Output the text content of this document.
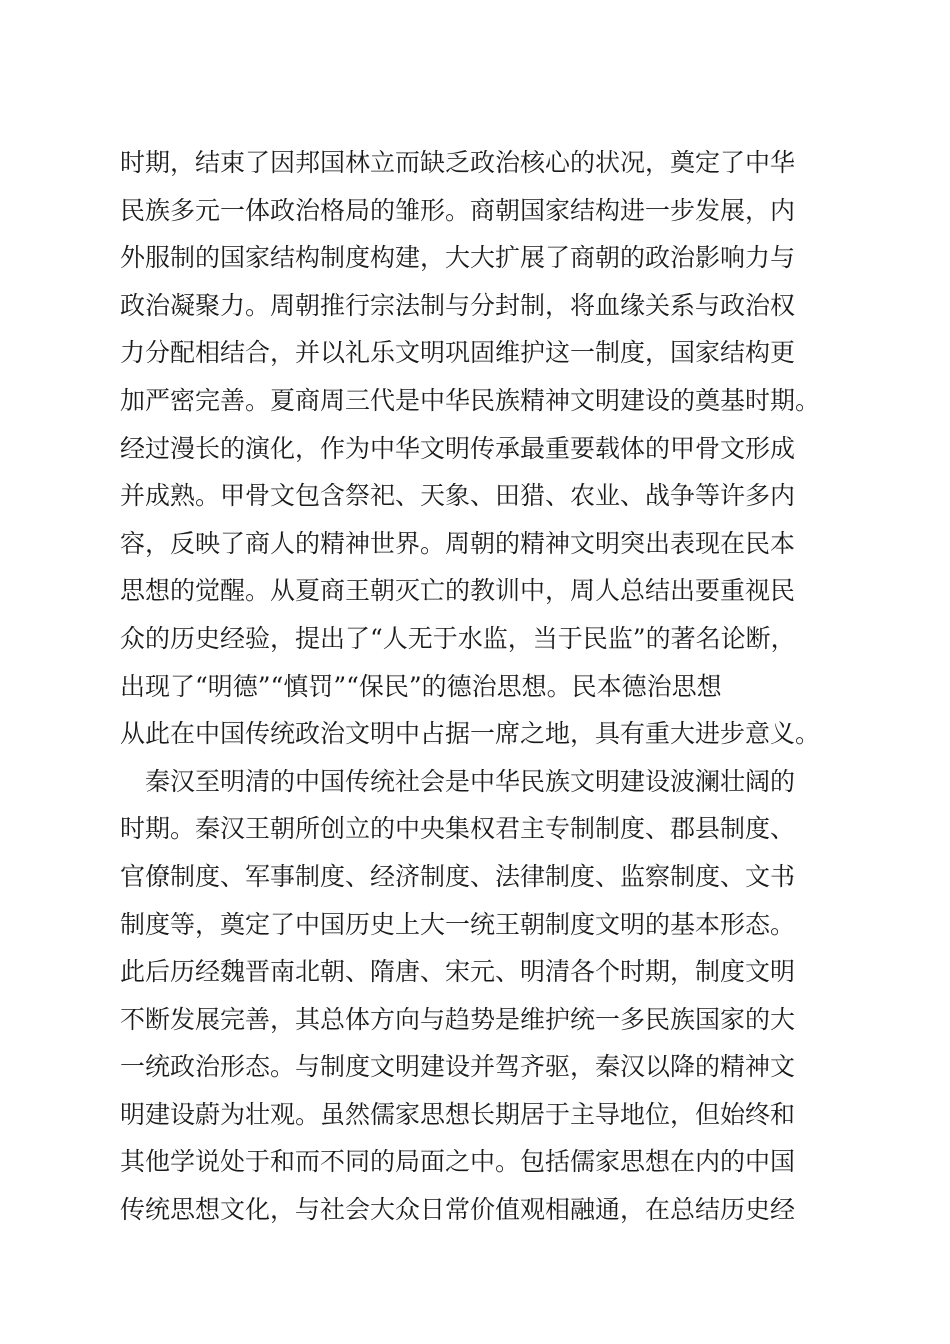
时期，结束了因邦国林立而缺乏政治核心的状况，奠定了中华
民族多元一体政治格局的雏形。商朝国家结构进一步发展，内
外服制的国家结构制度构建，大大扩展了商朝的政治影响力与
政治凝聚力。周朝推行宗法制与分封制，将血缘关系与政治权
力分配相结合，并以礼乐文明巩固维护这一制度，国家结构更
加严密完善。夏商周三代是中华民族精神文明建设的奠基时期。
经过漫长的演化，作为中华文明传承最重要载体的甲骨文形成
并成熟。甲骨文包含祭祀、天象、田猎、农业、战争等许多内
容，反映了商人的精神世界。周朝的精神文明突出表现在民本
思想的觉醒。从夏商王朝灭亡的教训中，周人总结出要重视民
众的历史经验，提出了“人无于水监，当于民监”的著名论断，
出现了“明德”“慎罚”“保民”的德治思想。民本德治思想
从此在中国传统政治文明中占据一席之地，具有重大进步意义。
　秦汉至明清的中国传统社会是中华民族文明建设波澜壮阔的
时期。秦汉王朝所创立的中央集权君主专制制度、郡县制度、
官僚制度、军事制度、经济制度、法律制度、监察制度、文书
制度等，奠定了中国历史上大一统王朝制度文明的基本形态。
此后历经魏晋南北朝、隋唐、宋元、明清各个时期，制度文明
不断发展完善，其总体方向与趋势是维护统一多民族国家的大
一统政治形态。与制度文明建设并驾齐驱，秦汉以降的精神文
明建设蔚为壮观。虽然儒家思想长期居于主导地位，但始终和
其他学说处于和而不同的局面之中。包括儒家思想在内的中国
传统思想文化，与社会大众日常价值观相融通，在总结历史经
